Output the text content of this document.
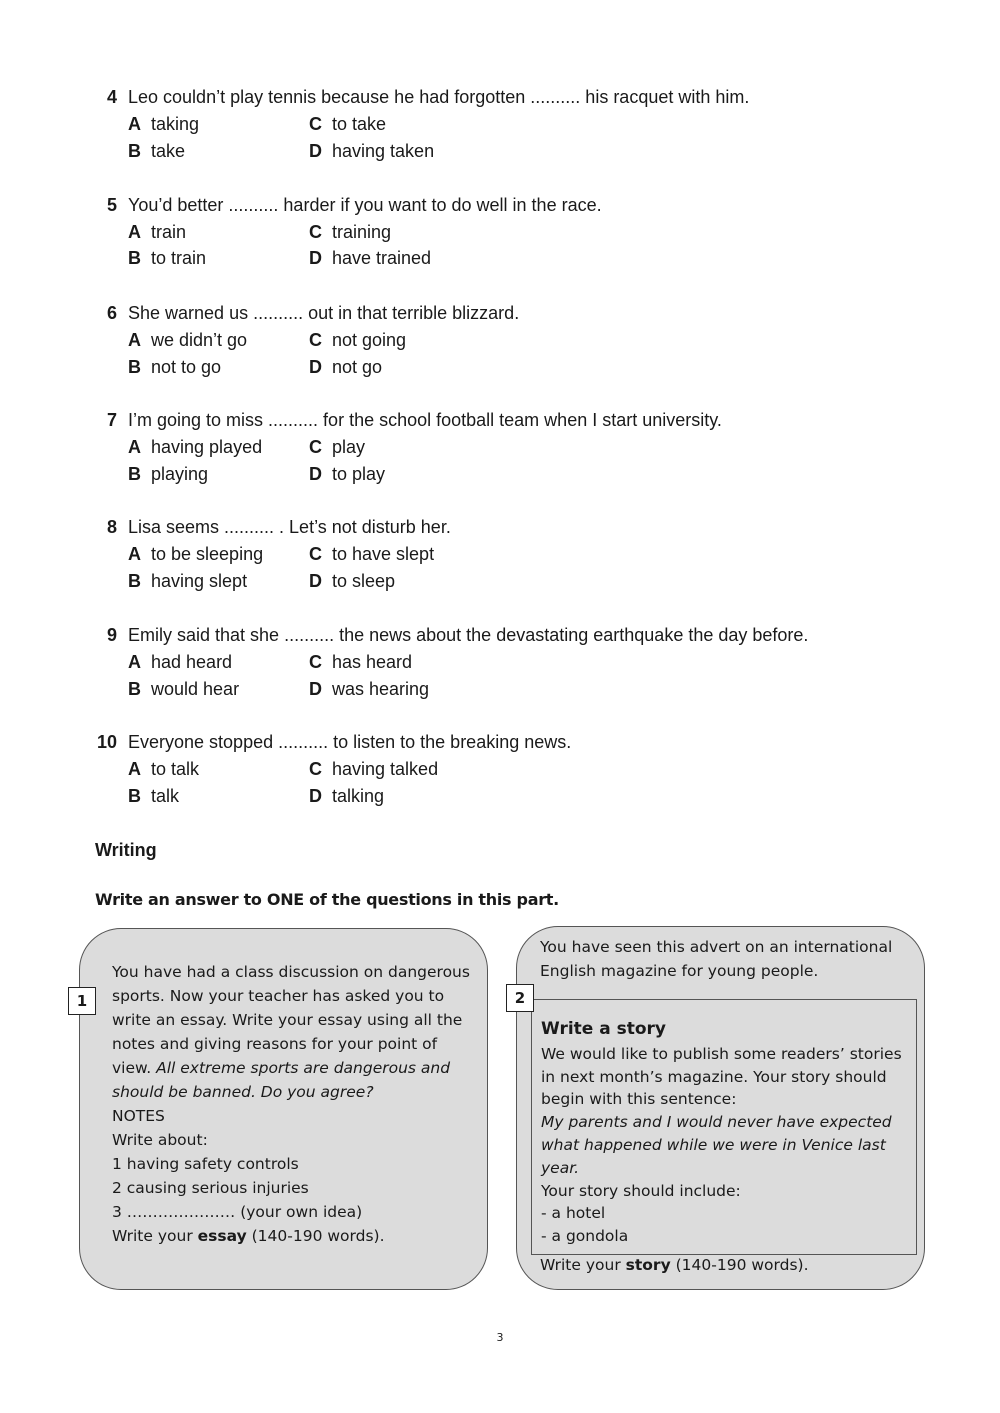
4 Leo couldn’t play tennis because he had forgotten .......... his racquet with him.
A taking	C to take
B take	D having taken
5 You’d better .......... harder if you want to do well in the race.
A train	C training
B to train	D have trained
6 She warned us .......... out in that terrible blizzard.
A we didn’t go	C not going
B not to go	D not go
7 I’m going to miss .......... for the school football team when I start university.
A having played	C play
B playing	D to play
8 Lisa seems .......... . Let’s not disturb her.
A to be sleeping	C to have slept
B having slept	D to sleep
9 Emily said that she .......... the news about the devastating earthquake the day before.
A had heard	C has heard
B would hear	D was hearing
10 Everyone stopped .......... to listen to the breaking news.
A to talk	C having talked
B talk	D talking
Writing
Write an answer to ONE of the questions in this part.
You have had a class discussion on dangerous
sports. Now your teacher has asked you to
write an essay. Write your essay using all the
notes and giving reasons for your point of
view. All extreme sports are dangerous and
should be banned. Do you agree?
NOTES
Write about:
1 having safety controls
2 causing serious injuries
3 ………………… (your own idea)
Write your essay (140-190 words).
1
You have seen this advert on an international
English magazine for young people.
Write a story
We would like to publish some readers’ stories
in next month’s magazine. Your story should
begin with this sentence:
My parents and I would never have expected
what happened while we were in Venice last
year.
Your story should include:
- a hotel
- a gondola
Write your story (140-190 words).
2
3
